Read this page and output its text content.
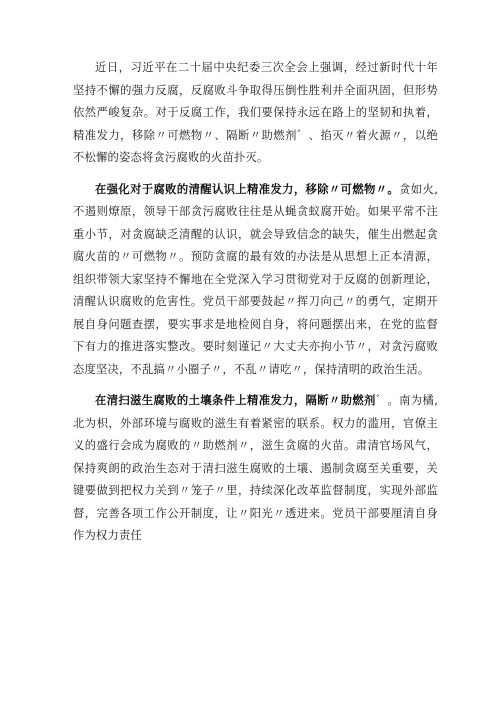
近日，习近平在二十届中央纪委三次全会上强调，经过新时代十年坚持不懈的强力反腐，反腐败斗争取得压倒性胜利并全面巩固，但形势依然严峻复杂。对于反腐工作，我们要保持永远在路上的坚韧和执着，精准发力，移除〃可燃物〃、隔断〃助燃剂゛、掐灭〃着火源〃，以绝不松懈的姿态将贪污腐败的火苗扑灭。

在强化对于腐败的清醒认识上精准发力，移除〃可燃物〃。贪如火,不遏则燎原，领导干部贪污腐败往往是从蝇贪蚁腐开始。如果平常不注重小节，对贪腐缺乏清醒的认识，就会导致信念的缺失，催生出燃起贪腐火苗的〃可燃物〃。预防贪腐的最有效的办法是从思想上正本清源，组织带领大家坚持不懈地在全党深入学习贯彻党对于反腐的创新理论，清醒认识腐败的危害性。党员干部要鼓起〃挥刀向己〃的勇气，定期开展自身问题查摆，要实事求是地检阅自身，将问题摆出来，在党的监督下有力的推进落实整改。要时刻谨记〃大丈夫亦拘小节〃，对贪污腐败态度坚决，不乱搞〃小圈子〃，不乱〃请吃〃，保持清明的政治生活。

在清扫滋生腐败的土壤条件上精准发力，隔断〃助燃剂゛。南为橘,北为枳，外部环境与腐败的滋生有着紧密的联系。权力的滥用，官僚主义的盛行会成为腐败的〃助燃剂〃，滋生贪腐的火苗。肃清官场风气，保持爽朗的政治生态对于清扫滋生腐败的土壤、遏制贪腐至关重要，关键要做到把权力关到〃笼子〃里，持续深化改革监督制度，实现外部监督，完善各项工作公开制度，让〃阳光〃透进来。党员干部要厘清自身作为权力责任
